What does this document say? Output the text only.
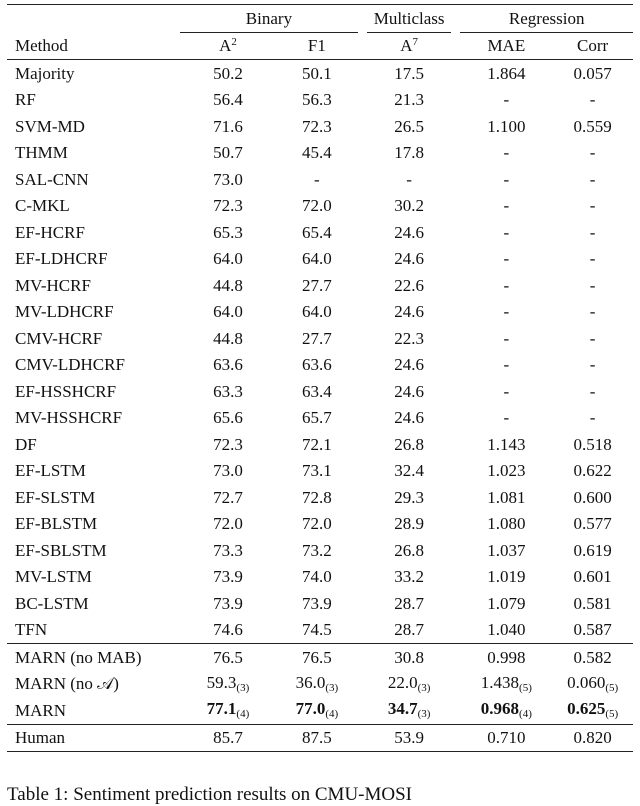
	Binary			Multiclass		Regression	
Method	$A^2$	F1		$A^7$		MAE	Corr
Majority	50.2	50.1		17.5		1.864	0.057
RF	56.4	56.3		21.3		-	-
SVM-MD	71.6	72.3		26.5		1.100	0.559
THMM	50.7	45.4		17.8		-	-
SAL-CNN	73.0	-		-		-	-
C-MKL	72.3	72.0		30.2		-	-
EF-HCRF	65.3	65.4		24.6		-	-
EF-LDHCRF	64.0	64.0		24.6		-	-
MV-HCRF	44.8	27.7		22.6		-	-
MV-LDHCRF	64.0	64.0		24.6		-	-
CMV-HCRF	44.8	27.7		22.3		-	-
CMV-LDHCRF	63.6	63.6		24.6		-	-
EF-HSSHCRF	63.3	63.4		24.6		-	-
MV-HSSHCRF	65.6	65.7		24.6		-	-
DF	72.3	72.1		26.8		1.143	0.518
EF-LSTM	73.0	73.1		32.4		1.023	0.622
EF-SLSTM	72.7	72.8		29.3		1.081	0.600
EF-BLSTM	72.0	72.0		28.9		1.080	0.577
EF-SBLSTM	73.3	73.2		26.8		1.037	0.619
MV-LSTM	73.9	74.0		33.2		1.019	0.601
BC-LSTM	73.9	73.9		28.7		1.079	0.581
TFN	74.6	74.5		28.7		1.040	0.587
MARN (no MAB)	76.5	76.5		30.8		0.998	0.582
MARN (no 𝒜)	$59.3_{(3)}$	$36.0_{(3)}$		$22.0_{(3)}$		$1.438_{(5)}$	$0.060_{(5)}$
MARN	$77.1_{(4)}$	$77.0_{(4)}$		$34.7_{(3)}$		$0.968_{(4)}$	$0.625_{(5)}$
Human	85.7	87.5		53.9		0.710	0.820
Table 1: Sentiment prediction results on CMU-MOSI
